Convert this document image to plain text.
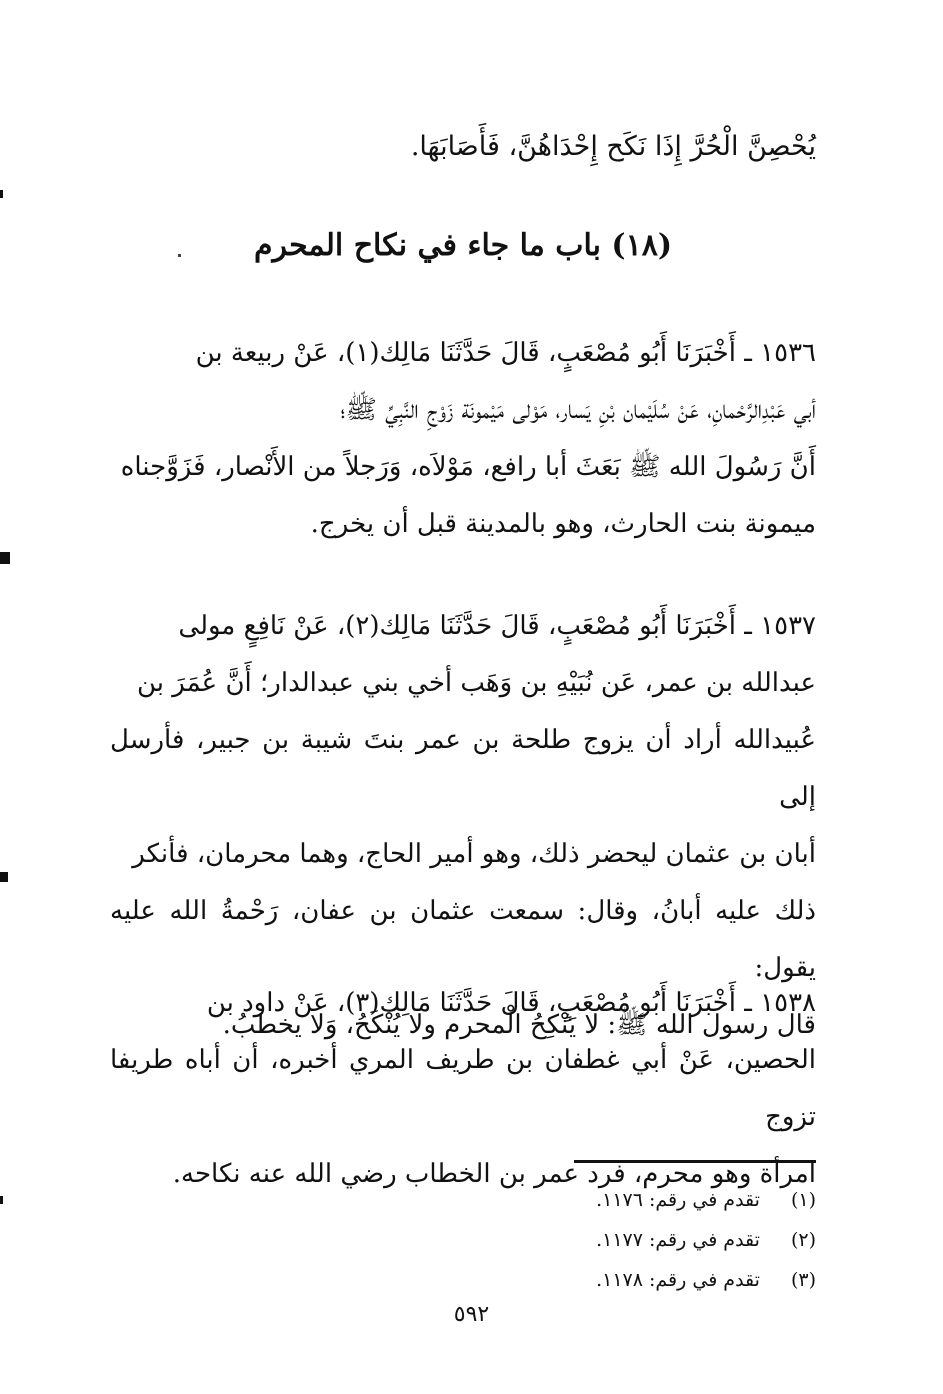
يُحْصِنَّ الْحُرَّ إِذَا نَكَح إِحْدَاهُنَّ، فَأَصَابَهَا.
(١٨) باب ما جاء في نكاح المحرم
١٥٣٦ ـ أَخْبَرَنَا أَبُو مُصْعَبٍ، قَالَ حَدَّثَنَا مَالِك(١)، عَنْ ربيعة بن
أبي عَبْدِالرَّحْمانِ، عَنْ سُلَيْمان بْنِ يَسار، مَوْلى مَيْمونَة زَوْجِ النَّبِيِّ ﷺ؛
أَنَّ رَسُولَ الله ﷺ بَعَثَ أبا رافع، مَوْلاَه، وَرَجلاً من الأَنْصار، فَزَوَّجناه
ميمونة بنت الحارث، وهو بالمدينة قبل أن يخرج.
١٥٣٧ ـ أَخْبَرَنَا أَبُو مُصْعَبٍ، قَالَ حَدَّثَنَا مَالِك(٢)، عَنْ نَافِعٍ مولى
عبدالله بن عمر، عَن نُبَيْهِ بن وَهَب أخي بني عبدالدار؛ أَنَّ عُمَرَ بن
عُبيدالله أراد أن يزوج طلحة بن عمر بنتَ شيبة بن جبير، فأرسل إلى
أبان بن عثمان ليحضر ذلك، وهو أمير الحاج، وهما محرمان، فأنكر
ذلك عليه أبانُ، وقال: سمعت عثمان بن عفان، رَحْمةُ الله عليه يقول:
قال رسول الله ﷺ: لا يَنْكِحُ الْمحرم ولا يُنْكَحُ، وَلا يخطبُ.
١٥٣٨ ـ أَخْبَرَنَا أَبُو مُصْعَبٍ، قَالَ حَدَّثَنَا مَالِك(٣)، عَنْ داود بن
الحصين، عَنْ أبي غطفان بن طريف المري أخبره، أن أباه طريفا تزوج
امرأة وهو محرم، فرد عمر بن الخطاب رضي الله عنه نكاحه.
(١) تقدم في رقم: ١١٧٦.
(٢) تقدم في رقم: ١١٧٧.
(٣) تقدم في رقم: ١١٧٨.
٥٩٢
